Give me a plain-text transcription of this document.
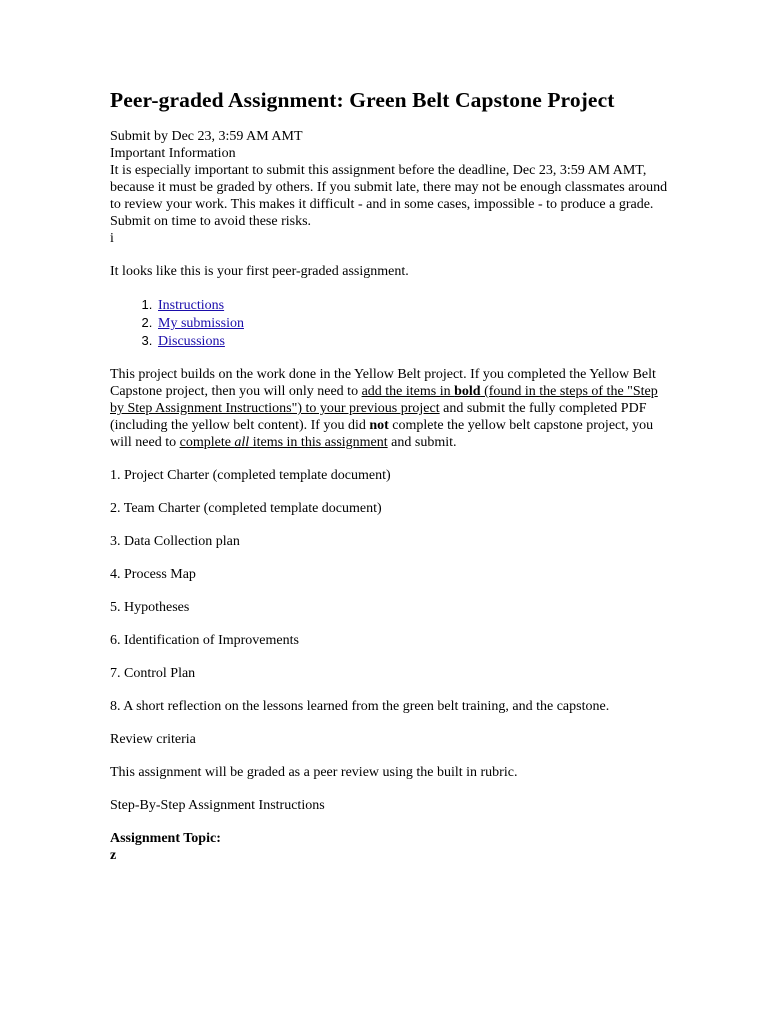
Peer-graded Assignment: Green Belt Capstone Project

Submit by Dec 23, 3:59 AM AMT

Important Information

It is especially important to submit this assignment before the deadline, Dec 23, 3:59 AM AMT, because it must be graded by others. If you submit late, there may not be enough classmates around to review your work. This makes it difficult - and in some cases, impossible - to produce a grade. Submit on time to avoid these risks.

i

It looks like this is your first peer-graded assignment.

1. Instructions
2. My submission
3. Discussions

This project builds on the work done in the Yellow Belt project. If you completed the Yellow Belt Capstone project, then you will only need to add the items in bold (found in the steps of the "Step by Step Assignment Instructions") to your previous project and submit the fully completed PDF (including the yellow belt content). If you did not complete the yellow belt capstone project, you will need to complete all items in this assignment and submit.

1. Project Charter (completed template document)

2. Team Charter (completed template document)

3. Data Collection plan

4. Process Map

5. Hypotheses

6. Identification of Improvements

7. Control Plan

8. A short reflection on the lessons learned from the green belt training, and the capstone.

Review criteria

This assignment will be graded as a peer review using the built in rubric.

Step-By-Step Assignment Instructions

Assignment Topic:

z
